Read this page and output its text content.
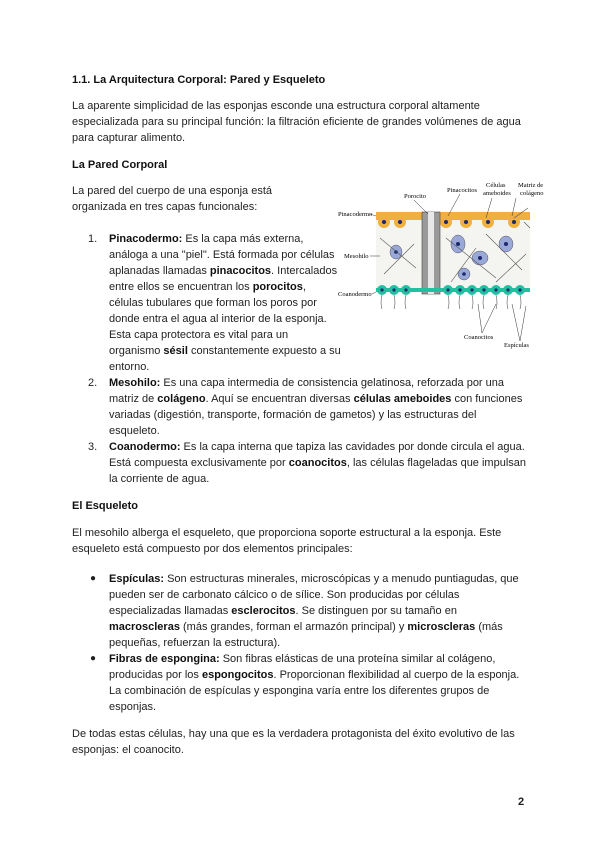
1.1. La Arquitectura Corporal: Pared y Esqueleto

La aparente simplicidad de las esponjas esconde una estructura corporal altamente especializada para su principal función: la filtración eficiente de grandes volúmenes de agua para capturar alimento.

La Pared Corporal

La pared del cuerpo de una esponja está organizada en tres capas funcionales:

Porocito
Pinacocitos
Células
ameboides
Matriz de
colágeno
Pinacodermo
Mesohilo
Coanodermo
Coanocitos
Espículas
1. Pinacodermo: Es la capa más externa, análoga a una "piel". Está formada por células aplanadas llamadas pinacocitos. Intercalados entre ellos se encuentran los porocitos, células tubulares que forman los poros por donde entra el agua al interior de la esponja. Esta capa protectora es vital para un organismo sésil constantemente expuesto a su entorno.
2. Mesohilo: Es una capa intermedia de consistencia gelatinosa, reforzada por una matriz de colágeno. Aquí se encuentran diversas células ameboides con funciones variadas (digestión, transporte, formación de gametos) y las estructuras del esqueleto.
3. Coanodermo: Es la capa interna que tapiza las cavidades por donde circula el agua. Está compuesta exclusivamente por coanocitos, las células flageladas que impulsan la corriente de agua.
El Esqueleto

El mesohilo alberga el esqueleto, que proporciona soporte estructural a la esponja. Este esqueleto está compuesto por dos elementos principales:

● Espículas: Son estructuras minerales, microscópicas y a menudo puntiagudas, que pueden ser de carbonato cálcico o de sílice. Son producidas por células especializadas llamadas esclerocitos. Se distinguen por su tamaño en macroscleras (más grandes, forman el armazón principal) y microscleras (más pequeñas, refuerzan la estructura).
● Fibras de espongina: Son fibras elásticas de una proteína similar al colágeno, producidas por los espongocitos. Proporcionan flexibilidad al cuerpo de la esponja. La combinación de espículas y espongina varía entre los diferentes grupos de esponjas.

De todas estas células, hay una que es la verdadera protagonista del éxito evolutivo de las esponjas: el coanocito.

2
